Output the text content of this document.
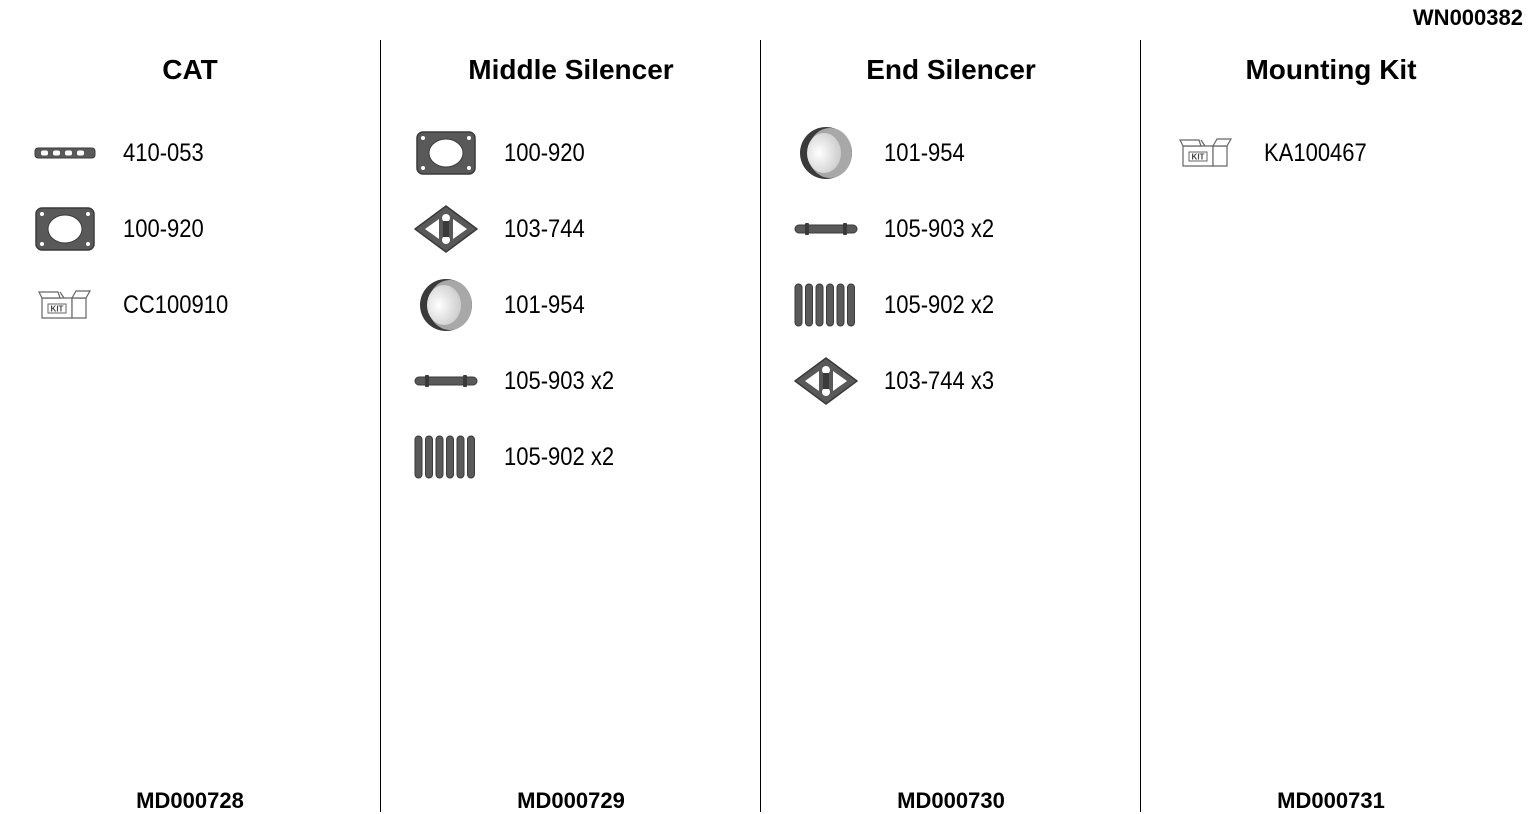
WN000382
CAT
410-053
100-920
KIT CC100910
MD000728
Middle Silencer
100-920
103-744
101-954
105-903 x2
105-902 x2
MD000729
End Silencer
101-954
105-903 x2
105-902 x2
103-744 x3
MD000730
Mounting Kit
KIT KA100467
MD000731
